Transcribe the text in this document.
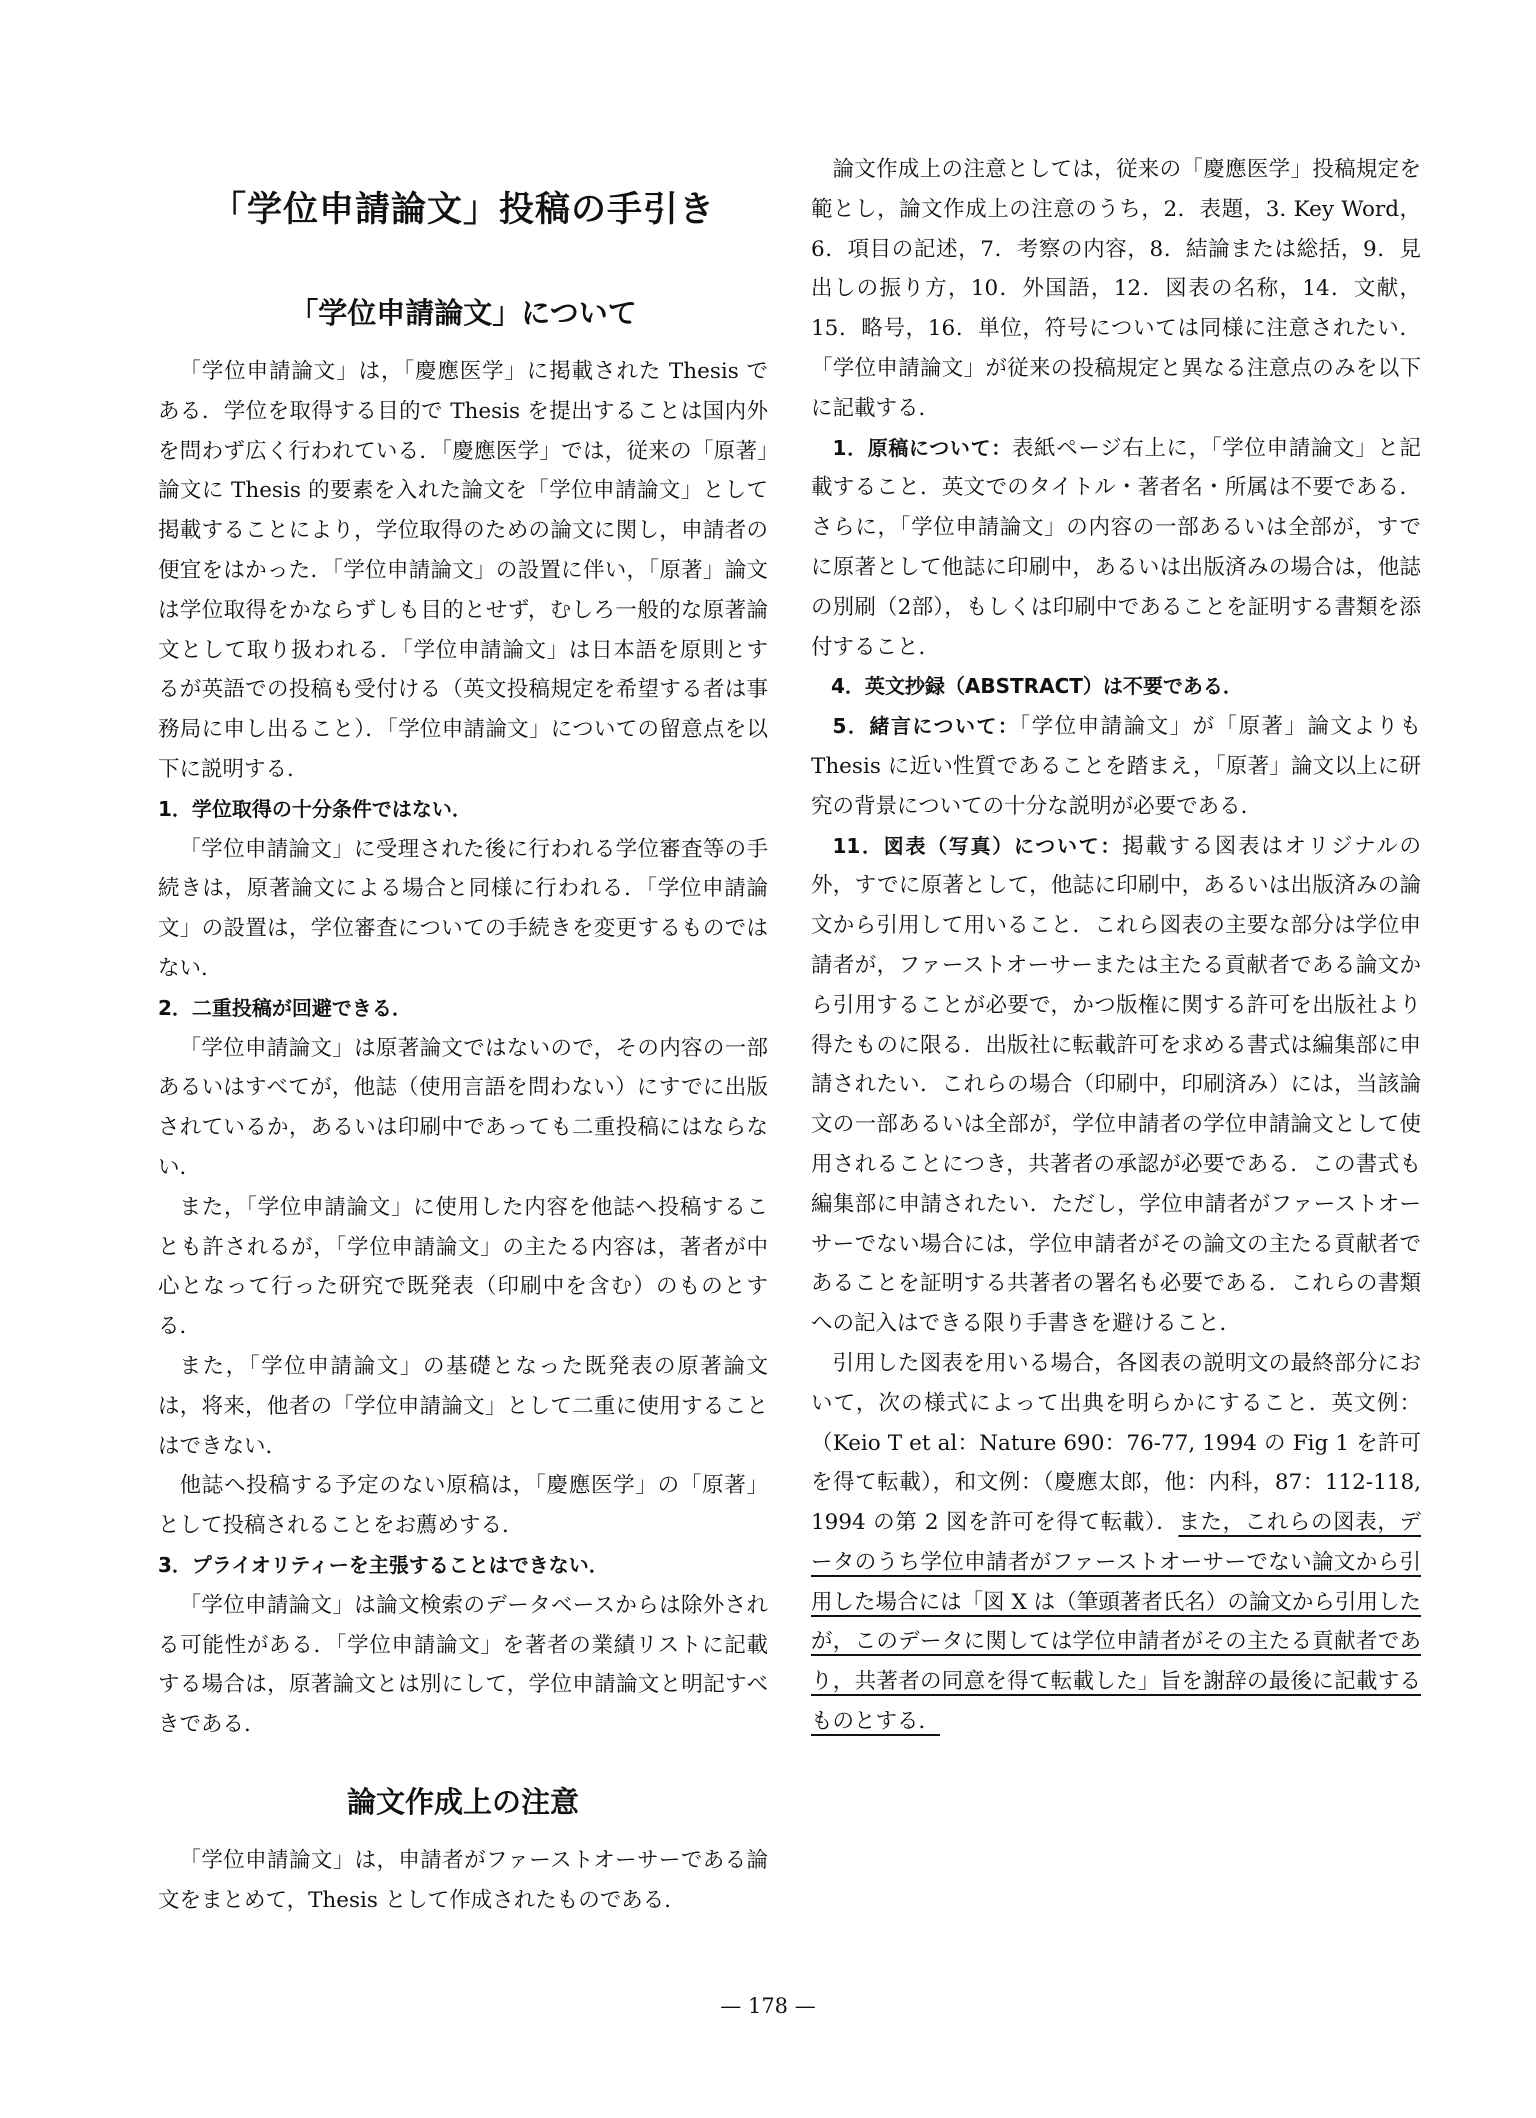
「学位申請論文」投稿の手引き
「学位申請論文」について

「学位申請論文」は，「慶應医学」に掲載された Thesis である．学位を取得する目的で Thesis を提出することは国内外を問わず広く行われている．「慶應医学」では，従来の「原著」論文に Thesis 的要素を入れた論文を「学位申請論文」として掲載することにより，学位取得のための論文に関し，申請者の便宜をはかった．「学位申請論文」の設置に伴い，「原著」論文は学位取得をかならずしも目的とせず，むしろ一般的な原著論文として取り扱われる．「学位申請論文」は日本語を原則とするが英語での投稿も受付ける（英文投稿規定を希望する者は事務局に申し出ること）．「学位申請論文」についての留意点を以下に説明する．

1．学位取得の十分条件ではない．

「学位申請論文」に受理された後に行われる学位審査等の手続きは，原著論文による場合と同様に行われる．「学位申請論文」の設置は，学位審査についての手続きを変更するものではない．

2．二重投稿が回避できる．

「学位申請論文」は原著論文ではないので，その内容の一部あるいはすべてが，他誌（使用言語を問わない）にすでに出版されているか，あるいは印刷中であっても二重投稿にはならない．

また，「学位申請論文」に使用した内容を他誌へ投稿することも許されるが，「学位申請論文」の主たる内容は，著者が中心となって行った研究で既発表（印刷中を含む）のものとする．

また，「学位申請論文」の基礎となった既発表の原著論文は，将来，他者の「学位申請論文」として二重に使用することはできない．

他誌へ投稿する予定のない原稿は，「慶應医学」の「原著」として投稿されることをお薦めする．

3．プライオリティーを主張することはできない．

「学位申請論文」は論文検索のデータベースからは除外される可能性がある．「学位申請論文」を著者の業績リストに記載する場合は，原著論文とは別にして，学位申請論文と明記すべきである．

論文作成上の注意

「学位申請論文」は，申請者がファーストオーサーである論文をまとめて，Thesis として作成されたものである．

論文作成上の注意としては，従来の「慶應医学」投稿規定を範とし，論文作成上の注意のうち，2．表題，3. Key Word，6．項目の記述，7．考察の内容，8．結論または総括，9．見出しの振り方，10．外国語，12．図表の名称，14．文献，15．略号，16．単位，符号については同様に注意されたい．「学位申請論文」が従来の投稿規定と異なる注意点のみを以下に記載する．

1．原稿について：表紙ページ右上に，「学位申請論文」と記載すること．英文でのタイトル・著者名・所属は不要である．さらに，「学位申請論文」の内容の一部あるいは全部が，すでに原著として他誌に印刷中，あるいは出版済みの場合は，他誌の別刷（2部），もしくは印刷中であることを証明する書類を添付すること．

4．英文抄録（ABSTRACT）は不要である．

5．緒言について：「学位申請論文」が「原著」論文よりも Thesis に近い性質であることを踏まえ，「原著」論文以上に研究の背景についての十分な説明が必要である．

11．図表（写真）について：掲載する図表はオリジナルの外，すでに原著として，他誌に印刷中，あるいは出版済みの論文から引用して用いること．これら図表の主要な部分は学位申請者が，ファーストオーサーまたは主たる貢献者である論文から引用することが必要で，かつ版権に関する許可を出版社より得たものに限る．出版社に転載許可を求める書式は編集部に申請されたい．これらの場合（印刷中，印刷済み）には，当該論文の一部あるいは全部が，学位申請者の学位申請論文として使用されることにつき，共著者の承認が必要である．この書式も編集部に申請されたい．ただし，学位申請者がファーストオーサーでない場合には，学位申請者がその論文の主たる貢献者であることを証明する共著者の署名も必要である．これらの書類への記入はできる限り手書きを避けること．

引用した図表を用いる場合，各図表の説明文の最終部分において，次の様式によって出典を明らかにすること．英文例：（Keio T et al：Nature 690：76-77, 1994 の Fig 1 を許可を得て転載），和文例：（慶應太郎，他：内科，87：112-118, 1994 の第 2 図を許可を得て転載）．また，これらの図表，データのうち学位申請者がファーストオーサーでない論文から引用した場合には「図 X は（筆頭著者氏名）の論文から引用したが，このデータに関しては学位申請者がその主たる貢献者であり，共著者の同意を得て転載した」旨を謝辞の最後に記載するものとする．

— 178 —
